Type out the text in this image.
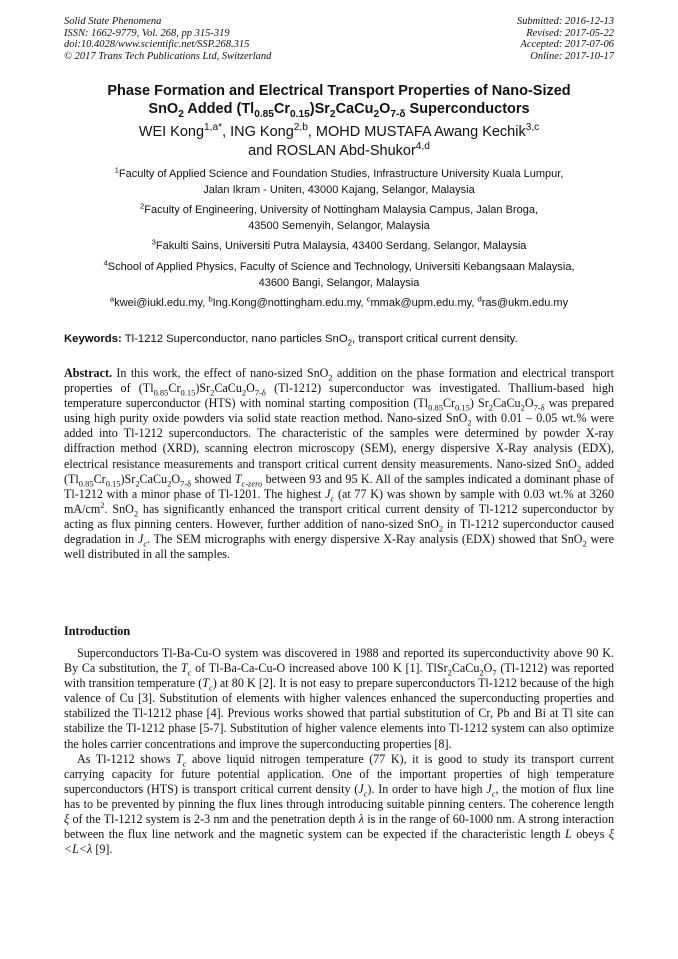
Solid State Phenomena
ISSN: 1662-9779, Vol. 268, pp 315-319
doi:10.4028/www.scientific.net/SSP.268.315
© 2017 Trans Tech Publications Ltd, Switzerland
Submitted: 2016-12-13
Revised: 2017-05-22
Accepted: 2017-07-06
Online: 2017-10-17
Phase Formation and Electrical Transport Properties of Nano-Sized
SnO$_2$ Added $(Tl_{0.85}Cr_{0.15})Sr_2CaCu_2O_{7-\delta}$ Superconductors
WEI Kong$^{1,a*}$, ING Kong$^{2,b}$, MOHD MUSTAFA Awang Kechik$^{3,c}$
and ROSLAN Abd-Shukor$^{4,d}$
$^1$Faculty of Applied Science and Foundation Studies, Infrastructure University Kuala Lumpur,
Jalan Ikram - Uniten, 43000 Kajang, Selangor, Malaysia
$^2$Faculty of Engineering, University of Nottingham Malaysia Campus, Jalan Broga,
43500 Semenyih, Selangor, Malaysia
$^3$Fakulti Sains, Universiti Putra Malaysia, 43400 Serdang, Selangor, Malaysia
$^4$School of Applied Physics, Faculty of Science and Technology, Universiti Kebangsaan Malaysia,
43600 Bangi, Selangor, Malaysia
$^a$kwei@iukl.edu.my, $^b$Ing.Kong@nottingham.edu.my, $^c$mmak@upm.edu.my, $^d$ras@ukm.edu.my
Keywords: Tl-1212 Superconductor, nano particles SnO$_2$, transport critical current density.
Abstract. In this work, the effect of nano-sized SnO$_2$ addition on the phase formation and electrical transport properties of $(Tl_{0.85}Cr_{0.15})Sr_2CaCu_2O_{7-\delta}$ (Tl-1212) superconductor was investigated. Thallium-based high temperature superconductor (HTS) with nominal starting composition $(Tl_{0.85}Cr_{0.15})$ $Sr_2CaCu_2O_{7-\delta}$ was prepared using high purity oxide powders via solid state reaction method. Nano-sized SnO$_2$ with 0.01 – 0.05 wt.% were added into Tl-1212 superconductors. The characteristic of the samples were determined by powder X-ray diffraction method (XRD), scanning electron microscopy (SEM), energy dispersive X-Ray analysis (EDX), electrical resistance measurements and transport critical current density measurements. Nano-sized SnO$_2$ added $(Tl_{0.85}Cr_{0.15})Sr_2CaCu_2O_{7-\delta}$ showed $T_{c-zero}$ between 93 and 95 K. All of the samples indicated a dominant phase of Tl-1212 with a minor phase of Tl-1201. The highest $J_c$ (at 77 K) was shown by sample with 0.03 wt.% at 3260 $mA/cm^2$. SnO$_2$ has significantly enhanced the transport critical current density of Tl-1212 superconductor by acting as flux pinning centers. However, further addition of nano-sized SnO$_2$ in Tl-1212 superconductor caused degradation in $J_c$. The SEM micrographs with energy dispersive X-Ray analysis (EDX) showed that SnO$_2$ were well distributed in all the samples.
Introduction

Superconductors Tl-Ba-Cu-O system was discovered in 1988 and reported its superconductivity above 90 K. By Ca substitution, the $T_c$ of Tl-Ba-Ca-Cu-O increased above 100 K [1]. $TlSr_2CaCu_2O_7$ (Tl-1212) was reported with transition temperature $(T_c)$ at 80 K [2]. It is not easy to prepare superconductors Tl-1212 because of the high valence of Cu [3]. Substitution of elements with higher valences enhanced the superconducting properties and stabilized the Tl-1212 phase [4]. Previous works showed that partial substitution of Cr, Pb and Bi at Tl site can stabilize the Tl-1212 phase [5-7]. Substitution of higher valence elements into Tl-1212 system can also optimize the holes carrier concentrations and improve the superconducting properties [8].

As Tl-1212 shows $T_c$ above liquid nitrogen temperature (77 K), it is good to study its transport current carrying capacity for future potential application. One of the important properties of high temperature superconductors (HTS) is transport critical current density $(J_c)$. In order to have high $J_c$, the motion of flux line has to be prevented by pinning the flux lines through introducing suitable pinning centers. The coherence length ξ of the Tl-1212 system is 2-3 nm and the penetration depth λ is in the range of 60-1000 nm. A strong interaction between the flux line network and the magnetic system can be expected if the characteristic length L obeys ξ <L<λ [9].
